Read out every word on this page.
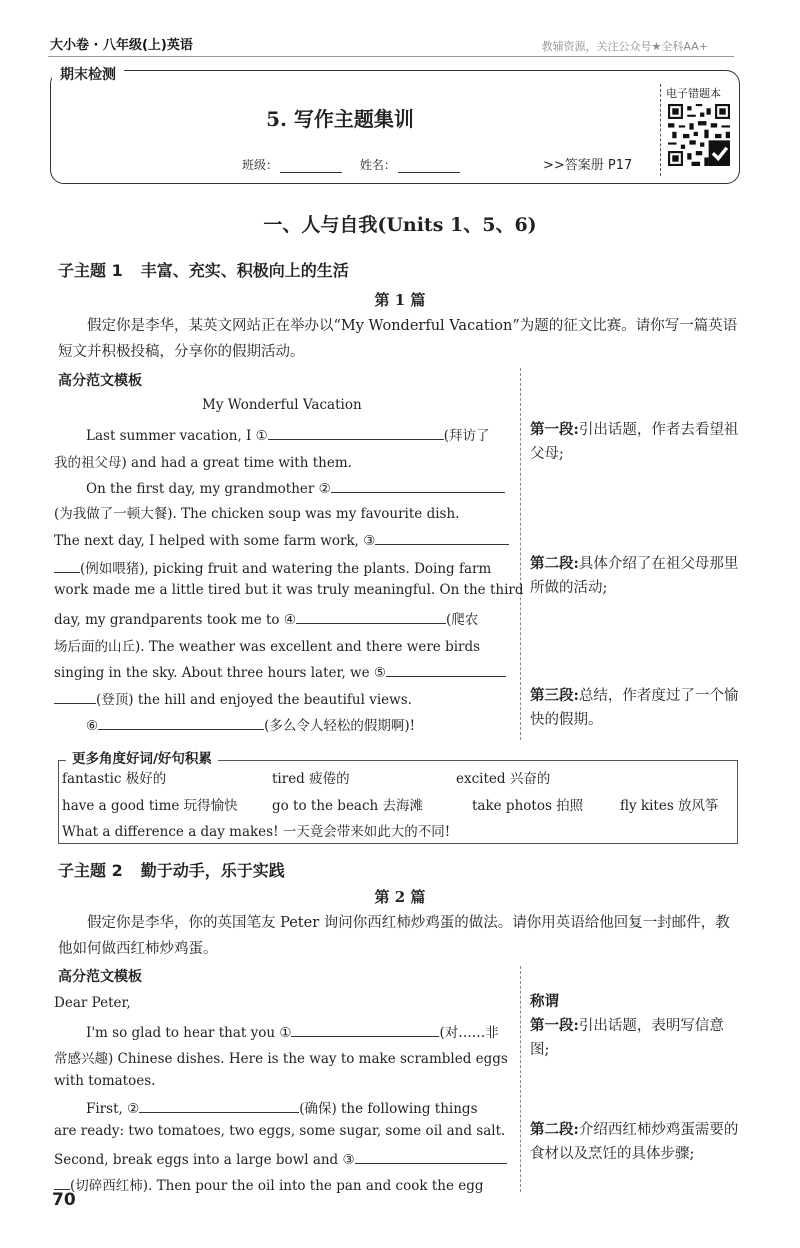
大小卷 · 八年级(上)英语	教辅资源，关注公众号★全科AA+
期末检测
5. 写作主题集训
班级：	姓名：	>>答案册 P17
电子错题本
一、人与自我(Units 1、5、6)
子主题 1 丰富、充实、积极向上的生活
第 1 篇
假定你是李华，某英文网站正在举办以“My Wonderful Vacation”为题的征文比赛。请你写一篇英语短文并积极投稿，分享你的假期活动。
高分范文模板
My Wonderful Vacation
Last summer vacation, I ①	(拜访了
我的祖父母) and had a great time with them.
On the first day, my grandmother ②
(为我做了一顿大餐). The chicken soup was my favourite dish.
The next day, I helped with some farm work, ③
(例如喂猪), picking fruit and watering the plants. Doing farm
work made me a little tired but it was truly meaningful. On the third
day, my grandparents took me to ④	(爬农
场后面的山丘). The weather was excellent and there were birds
singing in the sky. About three hours later, we ⑤
(登顶) the hill and enjoyed the beautiful views.
⑥	(多么令人轻松的假期啊)!
第一段:引出话题，作者去看望祖父母;
第二段:具体介绍了在祖父母那里所做的活动;
第三段:总结，作者度过了一个愉快的假期。
更多角度好词/好句积累
fantastic 极好的	tired 疲倦的	excited 兴奋的
have a good time 玩得愉快	go to the beach 去海滩	take photos 拍照	fly kites 放风筝
What a difference a day makes! 一天竟会带来如此大的不同!
子主题 2 勤于动手，乐于实践
第 2 篇
假定你是李华，你的英国笔友 Peter 询问你西红柿炒鸡蛋的做法。请你用英语给他回复一封邮件，教他如何做西红柿炒鸡蛋。
高分范文模板
Dear Peter,
I'm so glad to hear that you ①	(对……非
常感兴趣) Chinese dishes. Here is the way to make scrambled eggs
with tomatoes.
First, ②	(确保) the following things
are ready: two tomatoes, two eggs, some sugar, some oil and salt.
Second, break eggs into a large bowl and ③
(切碎西红柿). Then pour the oil into the pan and cook the egg
称谓
第一段:引出话题，表明写信意图;
第二段:介绍西红柿炒鸡蛋需要的食材以及烹饪的具体步骤;
70
